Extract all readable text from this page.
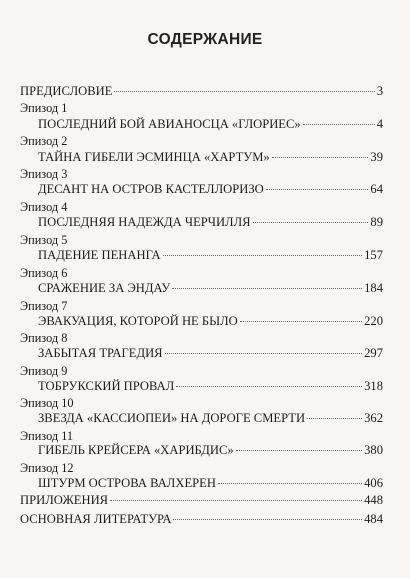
СОДЕРЖАНИЕ
ПРЕДИСЛОВИЕ	3
Эпизод 1
ПОСЛЕДНИЙ БОЙ АВИАНОСЦА «ГЛОРИЕС»	4
Эпизод 2
ТАЙНА ГИБЕЛИ ЭСМИНЦА «ХАРТУМ»	39
Эпизод 3
ДЕСАНТ НА ОСТРОВ КАСТЕЛЛОРИЗО	64
Эпизод 4
ПОСЛЕДНЯЯ НАДЕЖДА ЧЕРЧИЛЛЯ	89
Эпизод 5
ПАДЕНИЕ ПЕНАНГА	157
Эпизод 6
СРАЖЕНИЕ ЗА ЭНДАУ	184
Эпизод 7
ЭВАКУАЦИЯ, КОТОРОЙ НЕ БЫЛО	220
Эпизод 8
ЗАБЫТАЯ ТРАГЕДИЯ	297
Эпизод 9
ТОБРУКСКИЙ ПРОВАЛ	318
Эпизод 10
ЗВЕЗДА «КАССИОПЕИ» НА ДОРОГЕ СМЕРТИ	362
Эпизод 11
ГИБЕЛЬ КРЕЙСЕРА «ХАРИБДИС»	380
Эпизод 12
ШТУРМ ОСТРОВА ВАЛХЕРЕН	406
ПРИЛОЖЕНИЯ	448
ОСНОВНАЯ ЛИТЕРАТУРА	484
